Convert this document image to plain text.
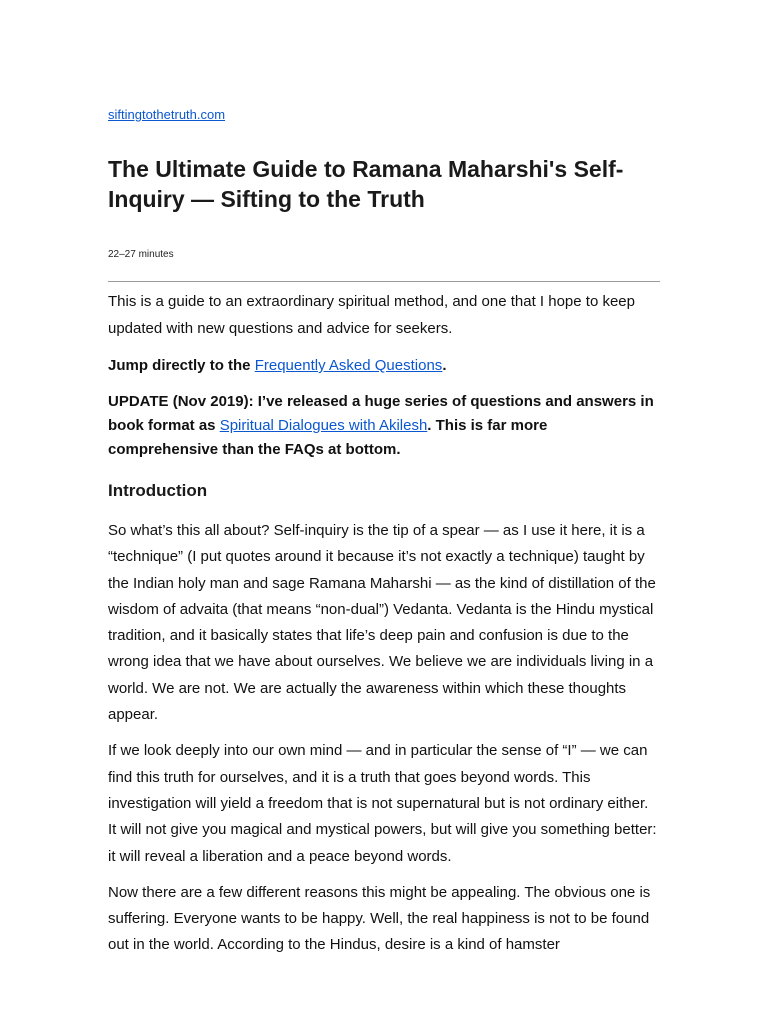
siftingtothetruth.com
The Ultimate Guide to Ramana Maharshi's Self-Inquiry — Sifting to the Truth
22–27 minutes

This is a guide to an extraordinary spiritual method, and one that I hope to keep updated with new questions and advice for seekers.

Jump directly to the Frequently Asked Questions.

UPDATE (Nov 2019): I’ve released a huge series of questions and answers in book format as Spiritual Dialogues with Akilesh. This is far more comprehensive than the FAQs at bottom.

Introduction

So what’s this all about? Self-inquiry is the tip of a spear — as I use it here, it is a “technique” (I put quotes around it because it’s not exactly a technique) taught by the Indian holy man and sage Ramana Maharshi — as the kind of distillation of the wisdom of advaita (that means “non-dual”) Vedanta. Vedanta is the Hindu mystical tradition, and it basically states that life’s deep pain and confusion is due to the wrong idea that we have about ourselves. We believe we are individuals living in a world. We are not. We are actually the awareness within which these thoughts appear.

If we look deeply into our own mind — and in particular the sense of “I” — we can find this truth for ourselves, and it is a truth that goes beyond words. This investigation will yield a freedom that is not supernatural but is not ordinary either. It will not give you magical and mystical powers, but will give you something better: it will reveal a liberation and a peace beyond words.

Now there are a few different reasons this might be appealing. The obvious one is suffering. Everyone wants to be happy. Well, the real happiness is not to be found out in the world. According to the Hindus, desire is a kind of hamster
